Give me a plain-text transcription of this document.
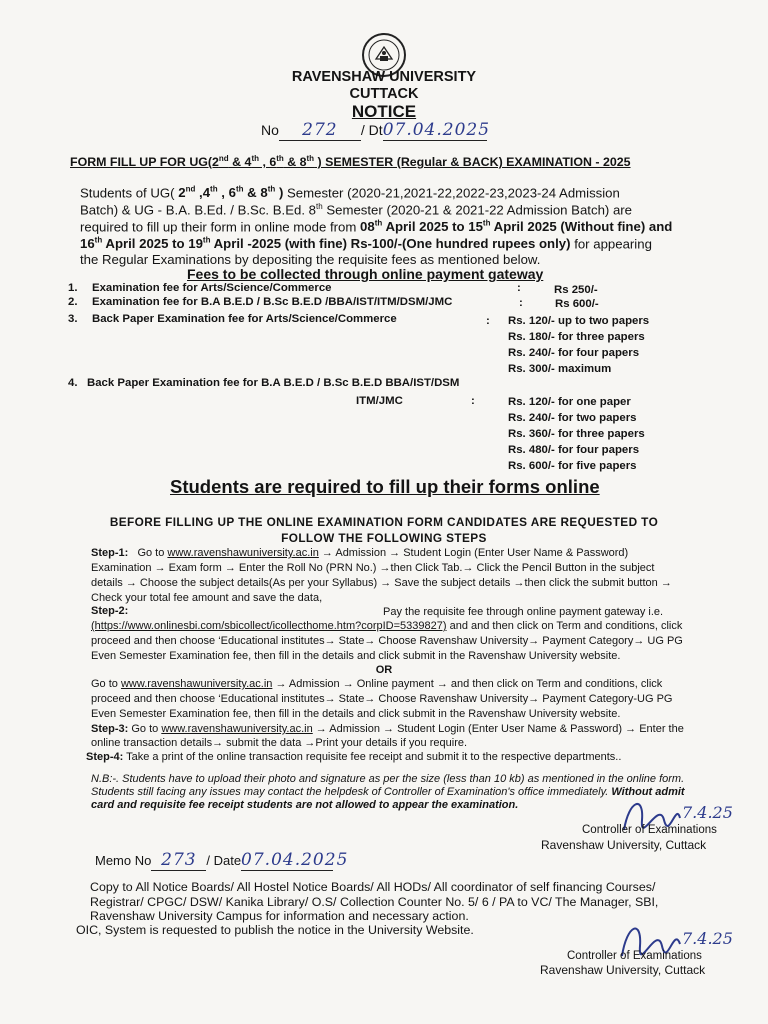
RAVENSHAW UNIVERSITY
CUTTACK
NOTICE
No 272 / Dt07.04.2025
FORM FILL UP FOR UG(2nd & 4th , 6th & 8th ) SEMESTER (Regular & BACK) EXAMINATION - 2025
Students of UG( 2nd ,4th , 6th & 8th ) Semester (2020-21,2021-22,2022-23,2023-24 Admission
Batch) & UG - B.A. B.Ed. / B.Sc. B.Ed. 8th Semester (2020-21 & 2021-22 Admission Batch) are
required to fill up their form in online mode from 08th April 2025 to 15th April 2025 (Without fine) and
16th April 2025 to 19th April -2025 (with fine) Rs-100/-(One hundred rupees only) for appearing
the Regular Examinations by depositing the requisite fees as mentioned below.
Fees to be collected through online payment gateway
1. Examination fee for Arts/Science/Commerce	:	Rs 250/-
2. Examination fee for B.A B.E.D / B.Sc B.E.D /BBA/IST/ITM/DSM/JMC	:	Rs 600/-
3. Back Paper Examination fee for Arts/Science/Commerce	: Rs. 120/- up to two papers
Rs. 180/- for three papers
Rs. 240/- for four papers
Rs. 300/- maximum
4. Back Paper Examination fee for B.A B.E.D / B.Sc B.E.D BBA/IST/DSM
ITM/JMC	:	Rs. 120/- for one paper
Rs. 240/- for two papers
Rs. 360/- for three papers
Rs. 480/- for four papers
Rs. 600/- for five papers
Students are required to fill up their forms online
BEFORE FILLING UP THE ONLINE EXAMINATION FORM CANDIDATES ARE REQUESTED TO
FOLLOW THE FOLLOWING STEPS
Step-1: Go to www.ravenshawuniversity.ac.in → Admission → Student Login (Enter User Name & Password)
Examination → Exam form → Enter the Roll No (PRN No.) →then Click Tab.→ Click the Pencil Button in the subject
details → Choose the subject details(As per your Syllabus) → Save the subject details →then click the submit button →
Check your total fee amount and save the data,
Step-2:	Pay the requisite fee through online payment gateway i.e.
(https://www.onlinesbi.com/sbicollect/icollecthome.htm?corpID=5339827) and and then click on Term and conditions, click
proceed and then choose ‘Educational institutes→ State→ Choose Ravenshaw University→ Payment Category→ UG PG
Even Semester Examination fee, then fill in the details and click submit in the Ravenshaw University website.
OR
Go to www.ravenshawuniversity.ac.in → Admission → Online payment → and then click on Term and conditions, click
proceed and then choose ‘Educational institutes→ State→ Choose Ravenshaw University→ Payment Category-UG PG
Even Semester Examination fee, then fill in the details and click submit in the Ravenshaw University website.
Step-3: Go to www.ravenshawuniversity.ac.in → Admission → Student Login (Enter User Name & Password) → Enter the
online transaction details→ submit the data →Print your details if you require.
Step-4: Take a print of the online transaction requisite fee receipt and submit it to the respective departments..
N.B:-. Students have to upload their photo and signature as per the size (less than 10 kb) as mentioned in the online form.
Students still facing any issues may contact the helpdesk of Controller of Examination's office immediately. Without admit
card and requisite fee receipt students are not allowed to appear the examination.	7.4.25
Controller of Examinations
Ravenshaw University, Cuttack
Memo No 273 / Date07.04.2025
Copy to All Notice Boards/ All Hostel Notice Boards/ All HODs/ All coordinator of self financing Courses/
Registrar/ CPGC/ DSW/ Kanika Library/ O.S/ Collection Counter No. 5/ 6 / PA to VC/ The Manager, SBI,
Ravenshaw University Campus for information and necessary action.
OIC, System is requested to publish the notice in the University Website.	7.4.25
Controller of Examinations
Ravenshaw University, Cuttack
